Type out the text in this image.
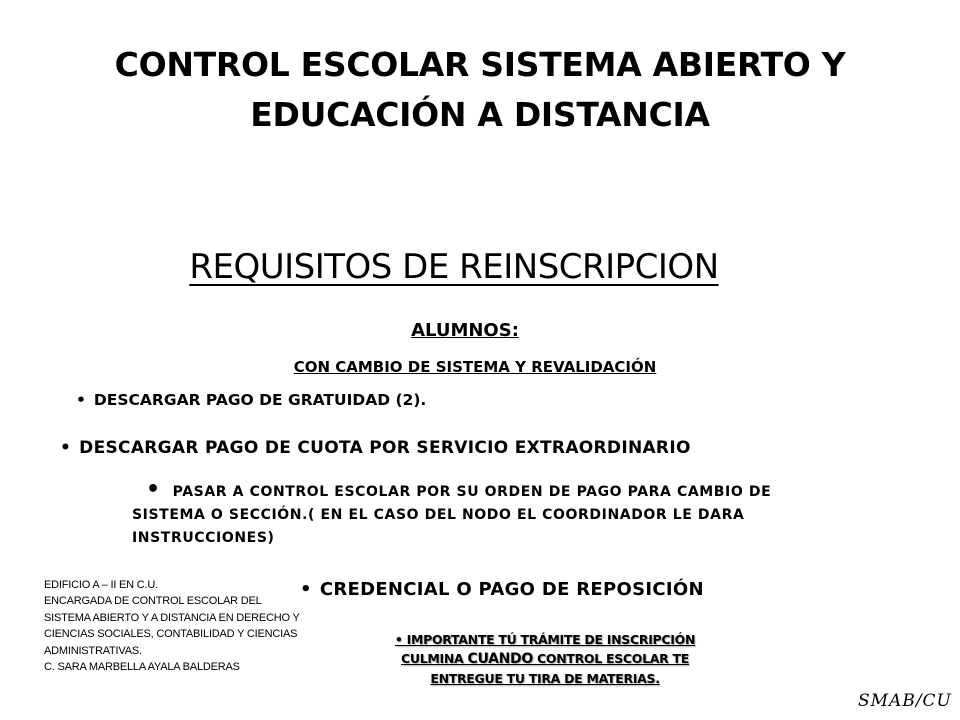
CONTROL ESCOLAR SISTEMA ABIERTO Y
EDUCACIÓN A DISTANCIA
REQUISITOS DE REINSCRIPCION
ALUMNOS:
CON CAMBIO DE SISTEMA Y REVALIDACIÓN
• DESCARGAR PAGO DE GRATUIDAD (2).
• DESCARGAR PAGO DE CUOTA POR SERVICIO EXTRAORDINARIO
• PASAR A CONTROL ESCOLAR POR SU ORDEN DE PAGO PARA CAMBIO DE
SISTEMA O SECCIÓN.( EN EL CASO DEL NODO EL COORDINADOR LE DARA
INSTRUCCIONES)
• CREDENCIAL O PAGO DE REPOSICIÓN
EDIFICIO A – II EN C.U.
ENCARGADA DE CONTROL ESCOLAR DEL
SISTEMA ABIERTO Y A DISTANCIA EN DERECHO Y
CIENCIAS SOCIALES, CONTABILIDAD Y CIENCIAS
ADMINISTRATIVAS.
C. SARA MARBELLA AYALA BALDERAS
• IMPORTANTE TÚ TRÁMITE DE INSCRIPCIÓN
CULMINA CUANDO CONTROL ESCOLAR TE
ENTREGUE TU TIRA DE MATERIAS.
SMAB/CU
